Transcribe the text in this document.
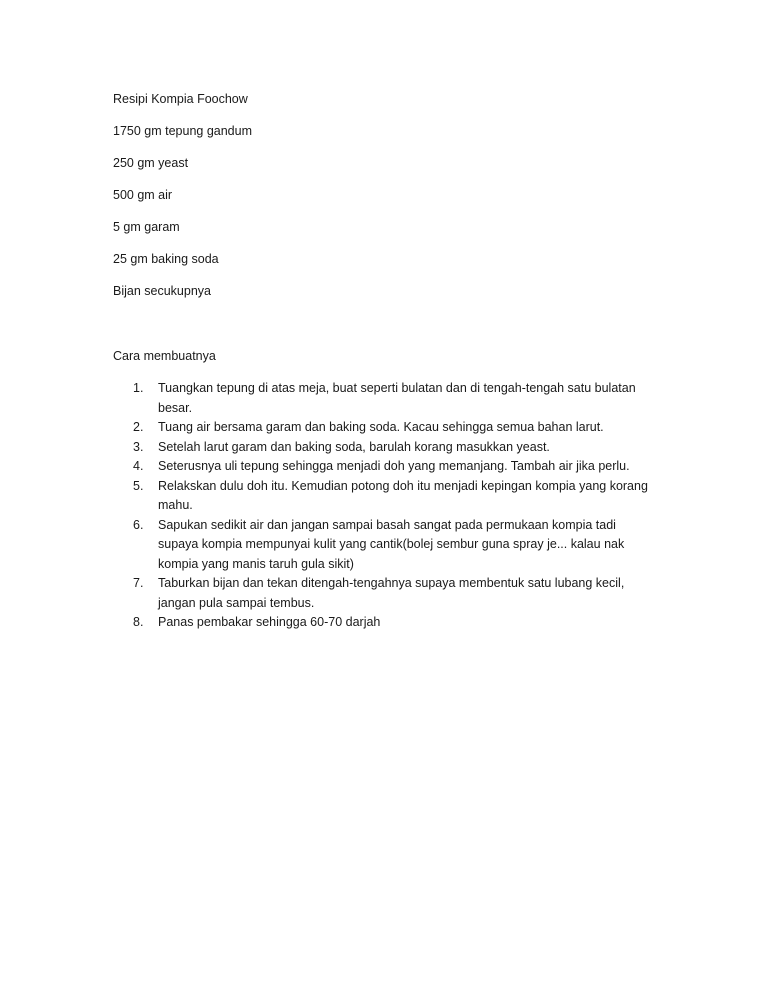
Resipi Kompia Foochow

1750 gm tepung gandum

250 gm yeast

500 gm air

5 gm garam

25 gm baking soda

Bijan secukupnya

Cara membuatnya

1.	Tuangkan tepung di atas meja, buat seperti bulatan dan di tengah-tengah satu bulatan besar.
2.	Tuang air bersama garam dan baking soda. Kacau sehingga semua bahan larut.
3.	Setelah larut garam dan baking soda, barulah korang masukkan yeast.
4.	Seterusnya uli tepung sehingga menjadi doh yang memanjang. Tambah air jika perlu.
5.	Relakskan dulu doh itu. Kemudian potong doh itu menjadi kepingan kompia yang korang mahu.
6.	Sapukan sedikit air dan jangan sampai basah sangat pada permukaan kompia tadi supaya kompia mempunyai kulit yang cantik(bolej sembur guna spray je... kalau nak kompia yang manis taruh gula sikit)
7.	Taburkan bijan dan tekan ditengah-tengahnya supaya membentuk satu lubang kecil, jangan pula sampai tembus.
8.	Panas pembakar sehingga 60-70 darjah
